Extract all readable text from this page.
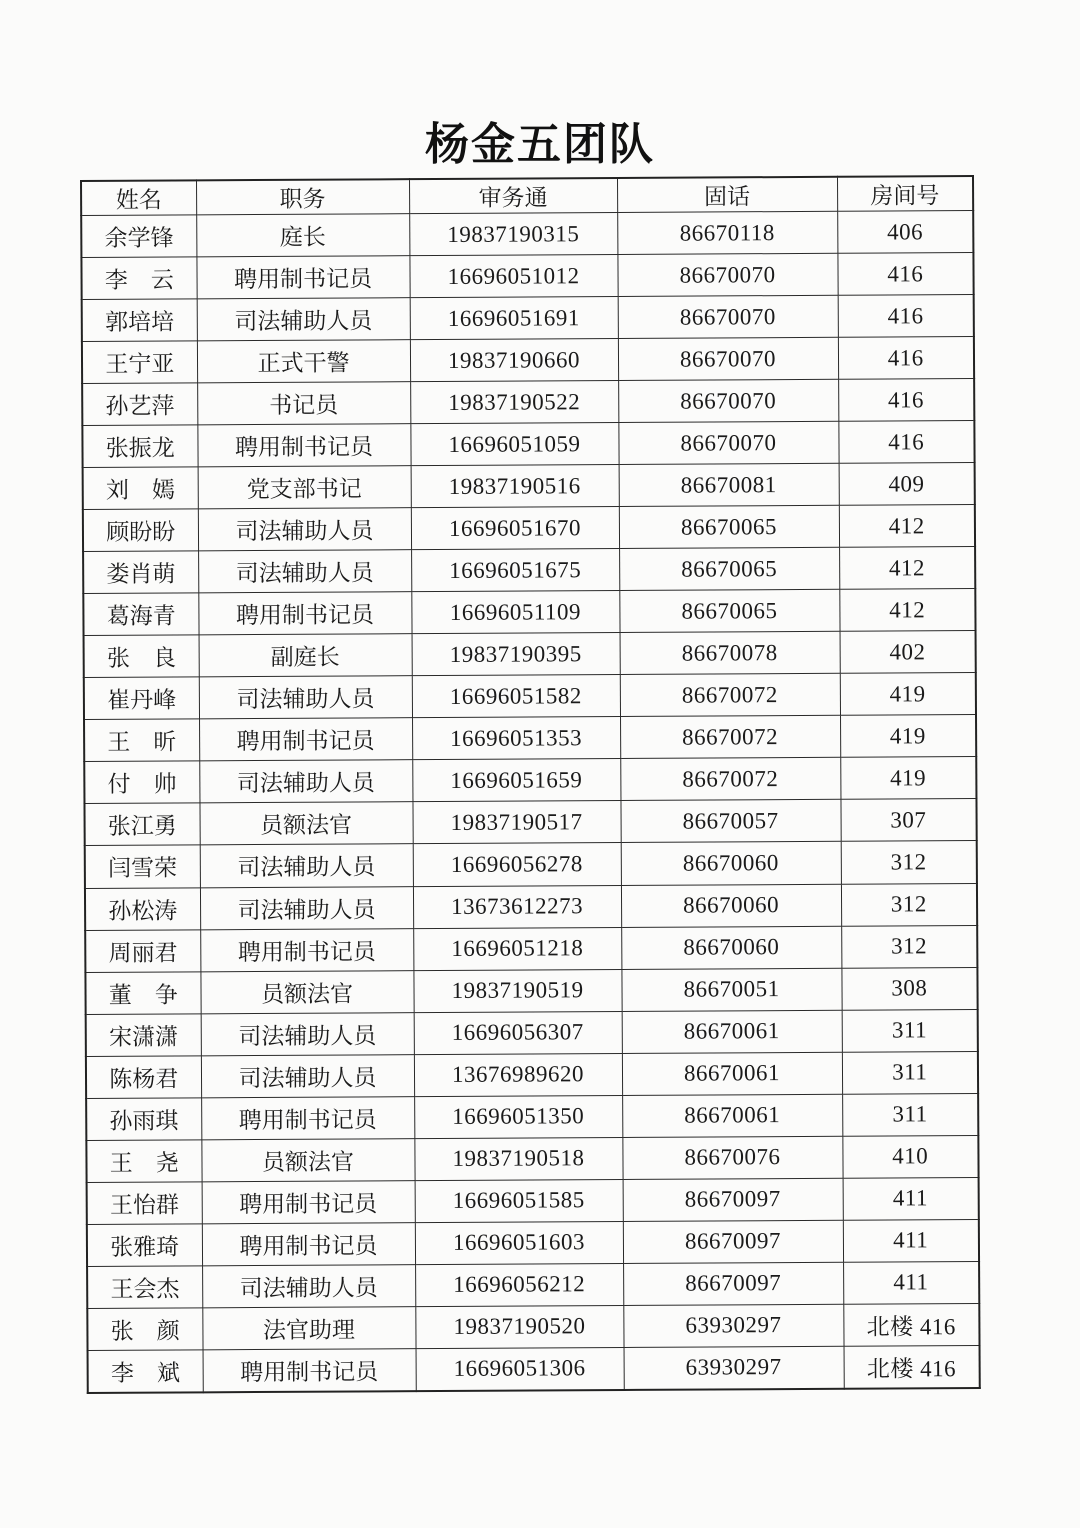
杨金五团队
姓名	职务	审务通	固话	房间号
余学锋	庭长	19837190315	86670118	406
李　云	聘用制书记员	16696051012	86670070	416
郭培培	司法辅助人员	16696051691	86670070	416
王宁亚	正式干警	19837190660	86670070	416
孙艺萍	书记员	19837190522	86670070	416
张振龙	聘用制书记员	16696051059	86670070	416
刘　嫣	党支部书记	19837190516	86670081	409
顾盼盼	司法辅助人员	16696051670	86670065	412
娄肖萌	司法辅助人员	16696051675	86670065	412
葛海青	聘用制书记员	16696051109	86670065	412
张　良	副庭长	19837190395	86670078	402
崔丹峰	司法辅助人员	16696051582	86670072	419
王　昕	聘用制书记员	16696051353	86670072	419
付　帅	司法辅助人员	16696051659	86670072	419
张江勇	员额法官	19837190517	86670057	307
闫雪荣	司法辅助人员	16696056278	86670060	312
孙松涛	司法辅助人员	13673612273	86670060	312
周丽君	聘用制书记员	16696051218	86670060	312
董　争	员额法官	19837190519	86670051	308
宋潇潇	司法辅助人员	16696056307	86670061	311
陈杨君	司法辅助人员	13676989620	86670061	311
孙雨琪	聘用制书记员	16696051350	86670061	311
王　尧	员额法官	19837190518	86670076	410
王怡群	聘用制书记员	16696051585	86670097	411
张雅琦	聘用制书记员	16696051603	86670097	411
王会杰	司法辅助人员	16696056212	86670097	411
张　颜	法官助理	19837190520	63930297	北楼 416
李　斌	聘用制书记员	16696051306	63930297	北楼 416
